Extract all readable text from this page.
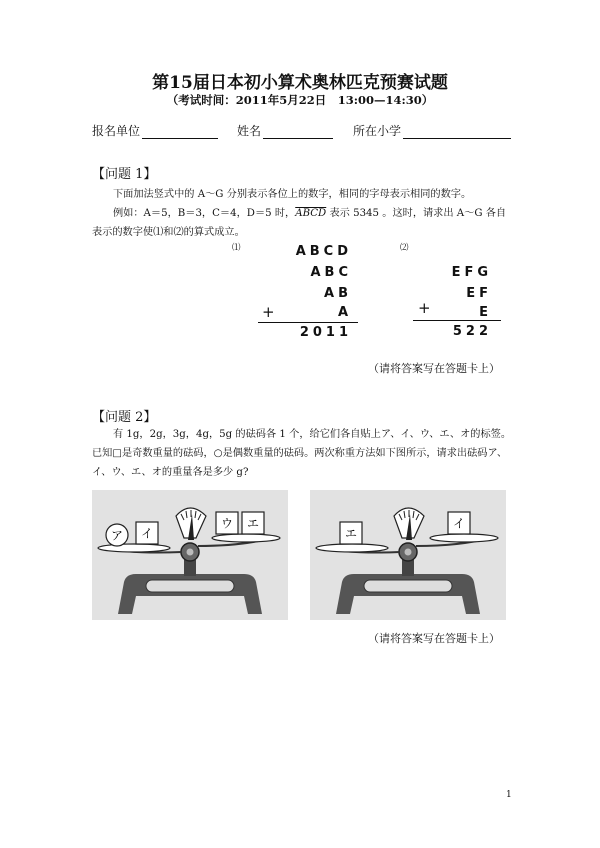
第15届日本初小算术奥林匹克预赛试题
（考试时间：2011年5月22日　13:00—14:30）
报名单位	姓名	所在小学
【问题 1】
下面加法竖式中的 A～G 分别表示各位上的数字，相同的字母表示相同的数字。
例如：A＝5，B＝3，C＝4，D＝5 时，ABCD 表示 5345 。这时，请求出 A～G 各自
表示的数字使⑴和⑵的算式成立。
⑴	ABCD
ABC
AB
A
+
2011
⑵
EFG
EF
E
+
522
（请将答案写在答题卡上）
【问题 2】
有 1g，2g，3g，4g，5g 的砝码各 1 个，给它们各自贴上ア、イ、ウ、エ、オ的标签。
已知□是奇数重量的砝码，○是偶数重量的砝码。两次称重方法如下图所示，请求出砝码ア、
イ、ウ、エ、オ的重量各是多少 g?
ア イ
ウ エ
エ
イ
（请将答案写在答题卡上）
1
